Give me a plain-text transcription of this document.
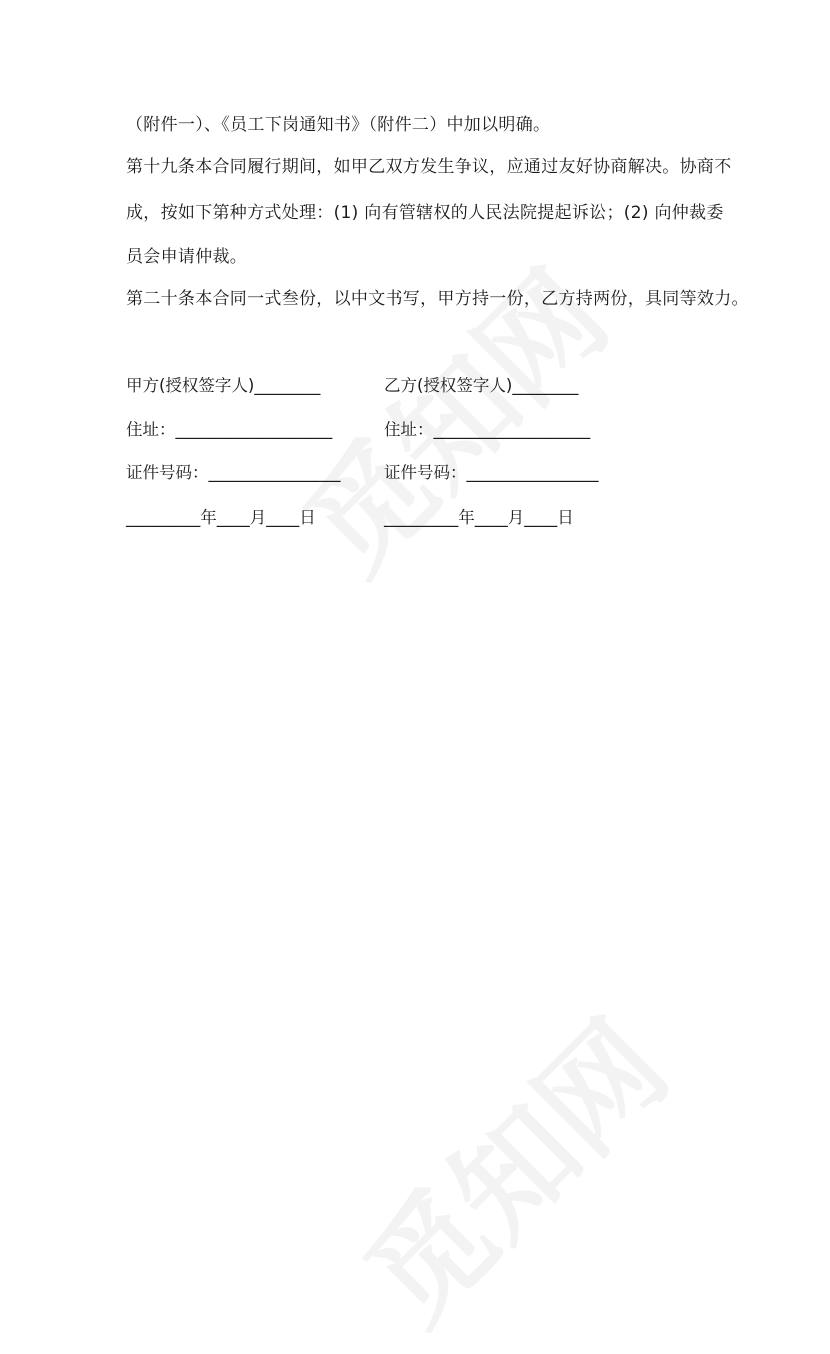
（附件一）、《员工下岗通知书》（附件二）中加以明确。
第十九条本合同履行期间，如甲乙双方发生争议，应通过友好协商解决。协商不
成，按如下第种方式处理：(1) 向有管辖权的人民法院提起诉讼；(2) 向仲裁委
员会申请仲裁。
第二十条本合同一式叁份，以中文书写，甲方持一份，乙方持两份，具同等效力。
甲方(授权签字人)________	乙方(授权签字人)________
住址：___________________	住址：___________________
证件号码：________________	证件号码：________________
_________年____月____日	_________年____月____日
